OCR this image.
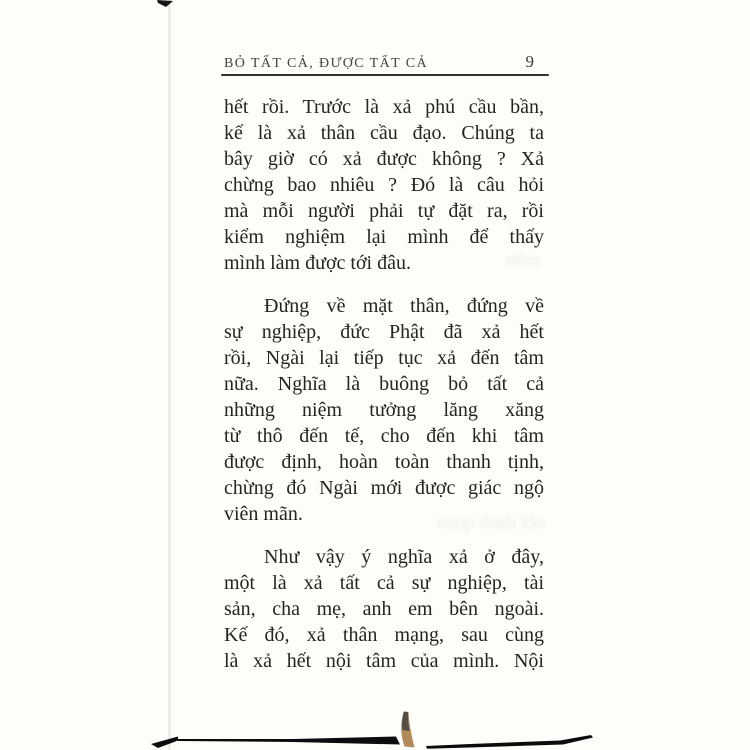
BỎ TẤT CẢ, ĐƯỢC TẤT CẢ	9
nội danh quan
môn
hết rồi. Trước là xả phú cầu bần,
kế là xả thân cầu đạo. Chúng ta
bây giờ có xả được không ? Xả
chừng bao nhiêu ? Đó là câu hỏi
mà mỗi người phải tự đặt ra, rồi
kiểm nghiệm lại mình để thấy
mình làm được tới đâu.
Đứng về mặt thân, đứng về
sự nghiệp, đức Phật đã xả hết
rồi, Ngài lại tiếp tục xả đến tâm
nữa. Nghĩa là buông bỏ tất cả
những niệm tưởng lăng xăng
từ thô đến tế, cho đến khi tâm
được định, hoàn toàn thanh tịnh,
chừng đó Ngài mới được giác ngộ
viên mãn.
Như vậy ý nghĩa xả ở đây,
một là xả tất cả sự nghiệp, tài
sản, cha mẹ, anh em bên ngoài.
Kế đó, xả thân mạng, sau cùng
là xả hết nội tâm của mình. Nội
